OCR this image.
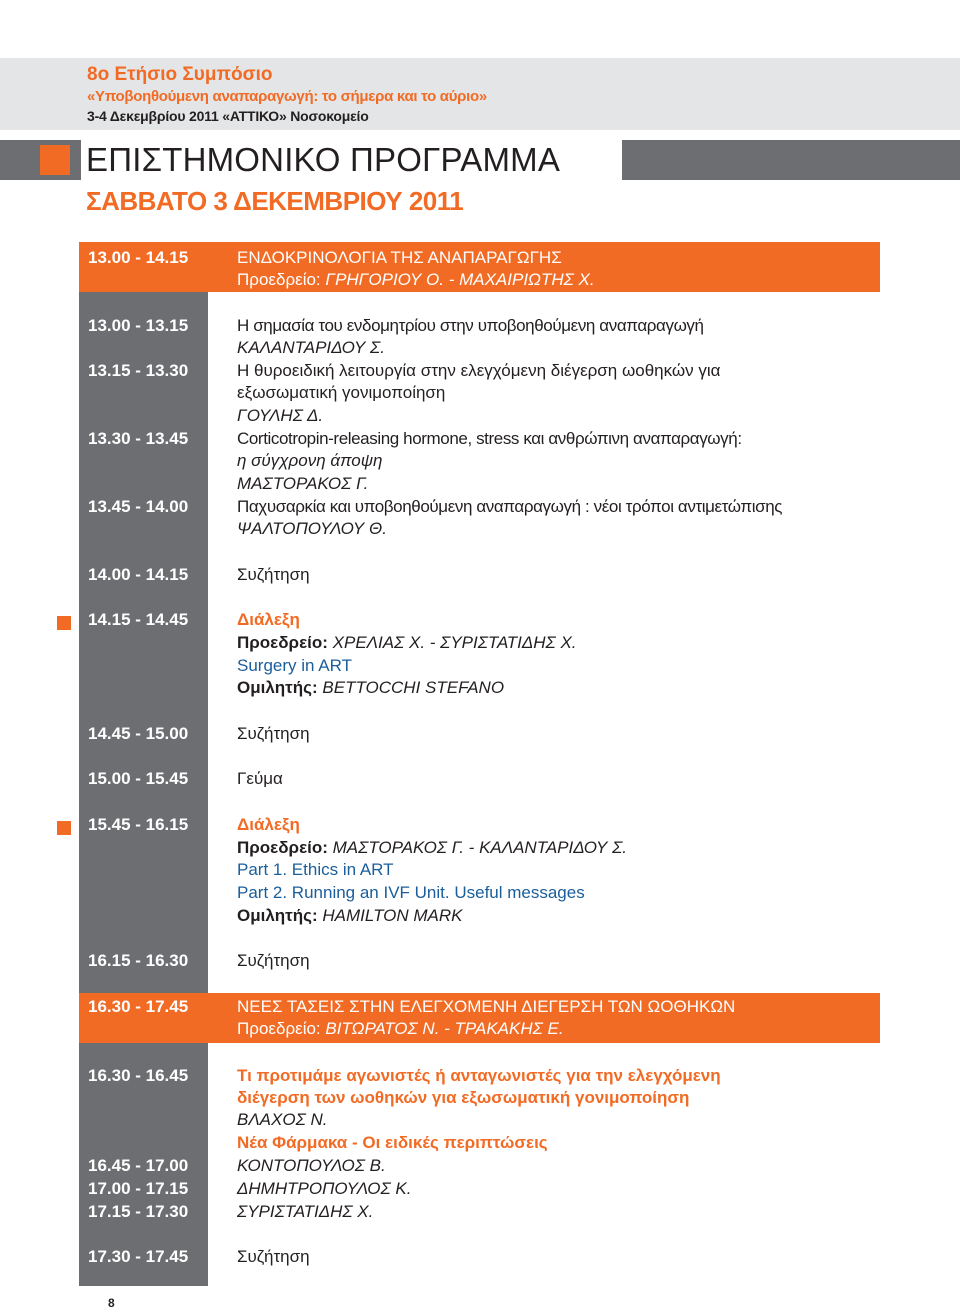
8ο Ετήσιο Συμπόσιο
«Υποβοηθούμενη αναπαραγωγή: το σήμερα και το αύριο»
3-4 Δεκεμβρίου 2011 «ΑΤΤΙΚΟ» Νοσοκομείο
ΕΠΙΣΤΗΜΟΝΙΚΟ ΠΡΟΓΡΑΜΜΑ
ΣΑΒΒΑΤΟ 3 ΔΕΚΕΜΒΡΙΟΥ 2011
13.00 - 14.15	ΕΝΔΟΚΡΙΝΟΛΟΓΙΑ ΤΗΣ ΑΝΑΠΑΡΑΓΩΓΗΣ
Προεδρείο: ΓΡΗΓΟΡΙΟΥ Ο. - ΜΑΧΑΙΡΙΩΤΗΣ Χ.
13.00 - 13.15	Η σημασία του ενδομητρίου στην υποβοηθούμενη αναπαραγωγή
ΚΑΛΑΝΤΑΡΙΔΟΥ Σ.
13.15 - 13.30	Η θυροειδική λειτουργία στην ελεγχόμενη διέγερση ωοθηκών για
εξωσωματική γονιμοποίηση
ΓΟΥΛΗΣ Δ.
13.30 - 13.45	Corticotropin-releasing hormone, stress και ανθρώπινη αναπαραγωγή:
η σύγχρονη άποψη
ΜΑΣΤΟΡΑΚΟΣ Γ.
13.45 - 14.00	Παχυσαρκία και υποβοηθούμενη αναπαραγωγή : νέοι τρόποι αντιμετώπισης
ΨΑΛΤΟΠΟΥΛΟΥ Θ.
14.00 - 14.15	Συζήτηση
14.15 - 14.45	Διάλεξη
Προεδρείο: ΧΡΕΛΙΑΣ Χ. - ΣΥΡΙΣΤΑΤΙΔΗΣ Χ.
Surgery in ART
Ομιλητής: BETTOCCHI STEFANO
14.45 - 15.00	Συζήτηση
15.00 - 15.45	Γεύμα
15.45 - 16.15	Διάλεξη
Προεδρείο: ΜΑΣΤΟΡΑΚΟΣ Γ. - ΚΑΛΑΝΤΑΡΙΔΟΥ Σ.
Part 1. Ethics in ART
Part 2. Running an IVF Unit. Useful messages
Ομιλητής: HAMILTON MARK
16.15 - 16.30	Συζήτηση
16.30 - 17.45	ΝΕΕΣ ΤΑΣΕΙΣ ΣΤΗΝ ΕΛΕΓΧΟΜΕΝΗ ΔΙΕΓΕΡΣΗ ΤΩΝ ΩΟΘΗΚΩΝ
Προεδρείο: ΒΙΤΩΡΑΤΟΣ Ν. - ΤΡΑΚΑΚΗΣ Ε.
16.30 - 16.45	Τι προτιμάμε αγωνιστές ή ανταγωνιστές για την ελεγχόμενη
διέγερση των ωοθηκών για εξωσωματική γονιμοποίηση
ΒΛΑΧΟΣ Ν.
Νέα Φάρμακα - Οι ειδικές περιπτώσεις
16.45 - 17.00	ΚΟΝΤΟΠΟΥΛΟΣ Β.
17.00 - 17.15	ΔΗΜΗΤΡΟΠΟΥΛΟΣ Κ.
17.15 - 17.30	ΣΥΡΙΣΤΑΤΙΔΗΣ Χ.
17.30 - 17.45	Συζήτηση
8
